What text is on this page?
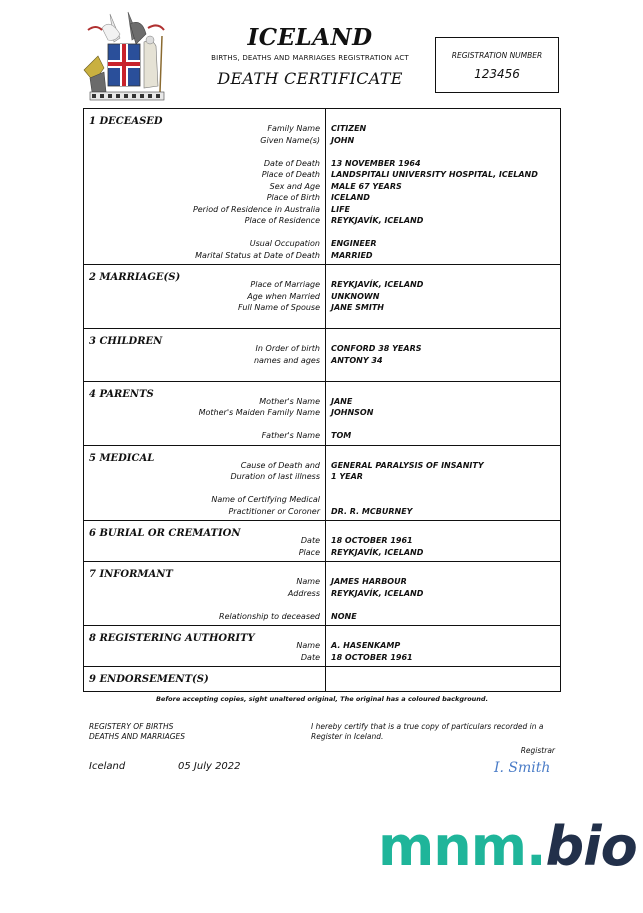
ICELAND
BIRTHS, DEATHS AND MARRIAGES REGISTRATION ACT
DEATH CERTIFICATE
REGISTRATION NUMBER
123456
1 DECEASED
Family Name
Given Name(s)
Date of Death
Place of Death
Sex and Age
Place of Birth
Period of Residence in Australia
Place of Residence
Usual Occupation
Marital Status at Date of Death
CITIZEN
JOHN
13 NOVEMBER 1964
LANDSPITALI UNIVERSITY HOSPITAL, ICELAND
MALE 67 YEARS
ICELAND
LIFE
REYKJAVÍK, ICELAND
ENGINEER
MARRIED
2 MARRIAGE(S)
Place of Marriage
Age when Married
Full Name of Spouse
REYKJAVÍK, ICELAND
UNKNOWN
JANE SMITH
3 CHILDREN
In Order of birth
names and ages
CONFORD 38 YEARS
ANTONY 34
4 PARENTS
Mother's Name
Mother's Maiden Family Name
Father's Name
JANE
JOHNSON
TOM
5 MEDICAL
Cause of Death and
Duration of last illness
Name of Certifying Medical
Practitioner or Coroner
GENERAL PARALYSIS OF INSANITY
1 YEAR
DR. R. MCBURNEY
6 BURIAL OR CREMATION
Date
Place
18 OCTOBER 1961
REYKJAVÍK, ICELAND
7 INFORMANT
Name
Address
Relationship to deceased
JAMES HARBOUR
REYKJAVÍK, ICELAND
NONE
8 REGISTERING AUTHORITY
Name
Date
A. HASENKAMP
18 OCTOBER 1961
9 ENDORSEMENT(S)
Before accepting copies, sight unaltered original, The original has a coloured background.
REGISTERY OF BIRTHS
DEATHS AND MARRIAGES
I hereby certify that is a true copy of particulars recorded in a Register in Iceland.
Registrar
Iceland	05 July 2022	I. Smith
mnm.bio
